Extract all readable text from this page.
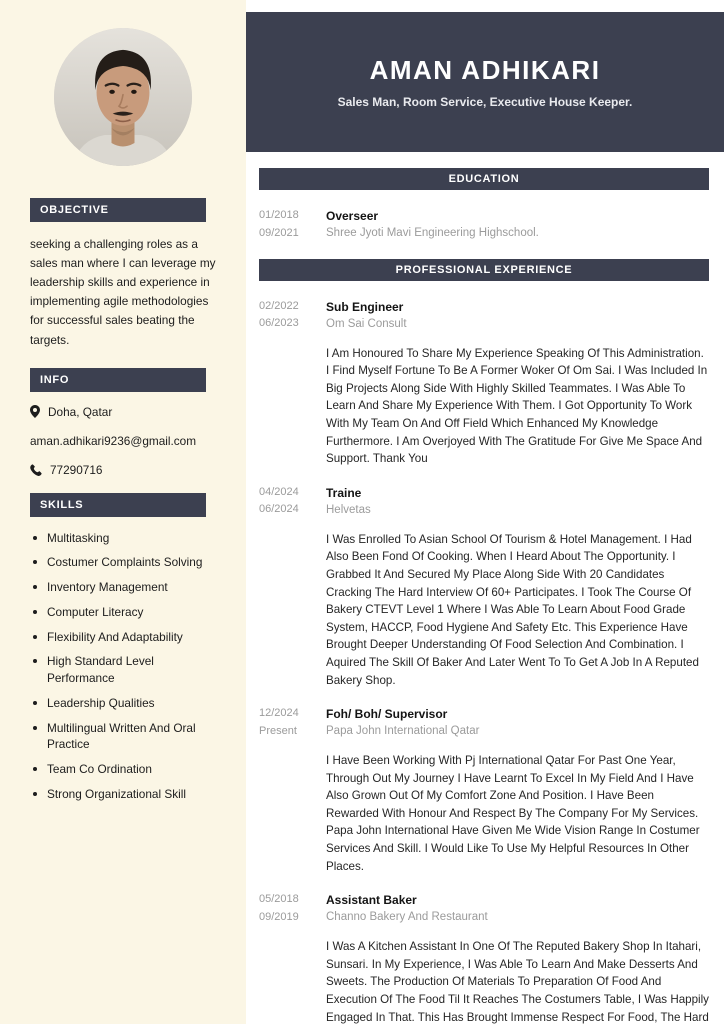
OBJECTIVE

seeking a challenging roles as a sales man where I can leverage my leadership skills and experience in implementing agile methodologies for successful sales beating the targets.

INFO
Doha, Qatar
aman.adhikari9236@gmail.com
77290716
SKILLS
Multitasking
Costumer Complaints Solving
Inventory Management
Computer Literacy
Flexibility And Adaptability
High Standard Level Performance
Leadership Qualities
Multilingual Written And Oral Practice
Team Co Ordination
Strong Organizational Skill
AMAN ADHIKARI
Sales Man, Room Service, Executive House Keeper.
EDUCATION
01/2018
09/2021
Overseer
Shree Jyoti Mavi Engineering Highschool.
PROFESSIONAL EXPERIENCE
02/2022
06/2023
Sub Engineer
Om Sai Consult

I Am Honoured To Share My Experience Speaking Of This Administration. I Find Myself Fortune To Be A Former Woker Of Om Sai. I Was Included In Big Projects Along Side With Highly Skilled Teammates. I Was Able To Learn And Share My Experience With Them. I Got Opportunity To Work With My Team On And Off Field Which Enhanced My Knowledge Furthermore. I Am Overjoyed With The Gratitude For Give Me Space And Support. Thank You

04/2024
06/2024
Traine
Helvetas

I Was Enrolled To Asian School Of Tourism & Hotel Management. I Had Also Been Fond Of Cooking. When I Heard About The Opportunity. I Grabbed It And Secured My Place Along Side With 20 Candidates Cracking The Hard Interview Of 60+ Participates. I Took The Course Of Bakery CTEVT Level 1 Where I Was Able To Learn About Food Grade System, HACCP, Food Hygiene And Safety Etc. This Experience Have Brought Deeper Understanding Of Food Selection And Combination. I Aquired The Skill Of Baker And Later Went To To Get A Job In A Reputed Bakery Shop.

12/2024
Present
Foh/ Boh/ Supervisor
Papa John International Qatar

I Have Been Working With Pj International Qatar For Past One Year, Through Out My Journey I Have Learnt To Excel In My Field And I Have Also Grown Out Of My Comfort Zone And Position. I Have Been Rewarded With Honour And Respect By The Company For My Services. Papa John International Have Given Me Wide Vision Range In Costumer Services And Skill. I Would Like To Use My Helpful Resources In Other Places.

05/2018
09/2019
Assistant Baker
Channo Bakery And Restaurant

I Was A Kitchen Assistant In One Of The Reputed Bakery Shop In Itahari, Sunsari. In My Experience, I Was Able To Learn And Make Desserts And Sweets. The Production Of Materials To Preparation Of Food And Execution Of The Food Til It Reaches The Costumers Table, I Was Happily Engaged In That. This Has Brought Immense Respect For Food, The Hard
